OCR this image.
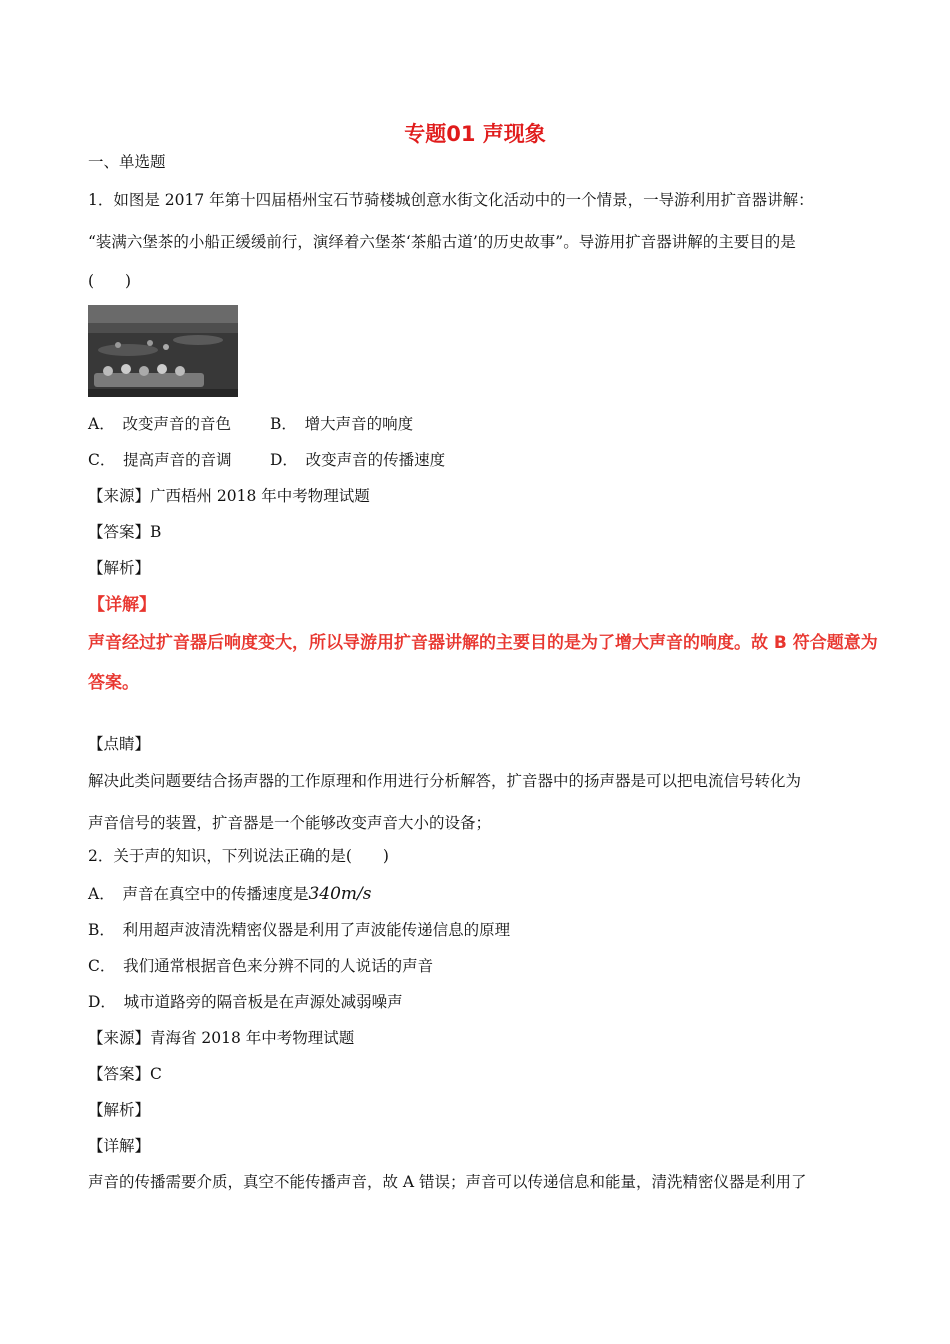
专题01 声现象
一、单选题
1．如图是 2017 年第十四届梧州宝石节骑楼城创意水街文化活动中的一个情景，一导游利用扩音器讲解：
“装满六堡茶的小船正缓缓前行，演绎着六堡茶‘茶船古道’的历史故事”。导游用扩音器讲解的主要目的是
(　　)
A．　改变声音的音色	B．　增大声音的响度
C．　提高声音的音调 D．　改变声音的传播速度
【来源】广西梧州 2018 年中考物理试题
【答案】B
【解析】
【详解】
声音经过扩音器后响度变大，所以导游用扩音器讲解的主要目的是为了增大声音的响度。故 B 符合题意为
答案。
【点睛】
解决此类问题要结合扬声器的工作原理和作用进行分析解答，扩音器中的扬声器是可以把电流信号转化为
声音信号的装置，扩音器是一个能够改变声音大小的设备；
2．关于声的知识，下列说法正确的是(　　)
A．　声音在真空中的传播速度是340m/s
B．　利用超声波清洗精密仪器是利用了声波能传递信息的原理
C．　我们通常根据音色来分辨不同的人说话的声音
D．　城市道路旁的隔音板是在声源处减弱噪声
【来源】青海省 2018 年中考物理试题
【答案】C
【解析】
【详解】
声音的传播需要介质，真空不能传播声音，故 A 错误；声音可以传递信息和能量，清洗精密仪器是利用了
